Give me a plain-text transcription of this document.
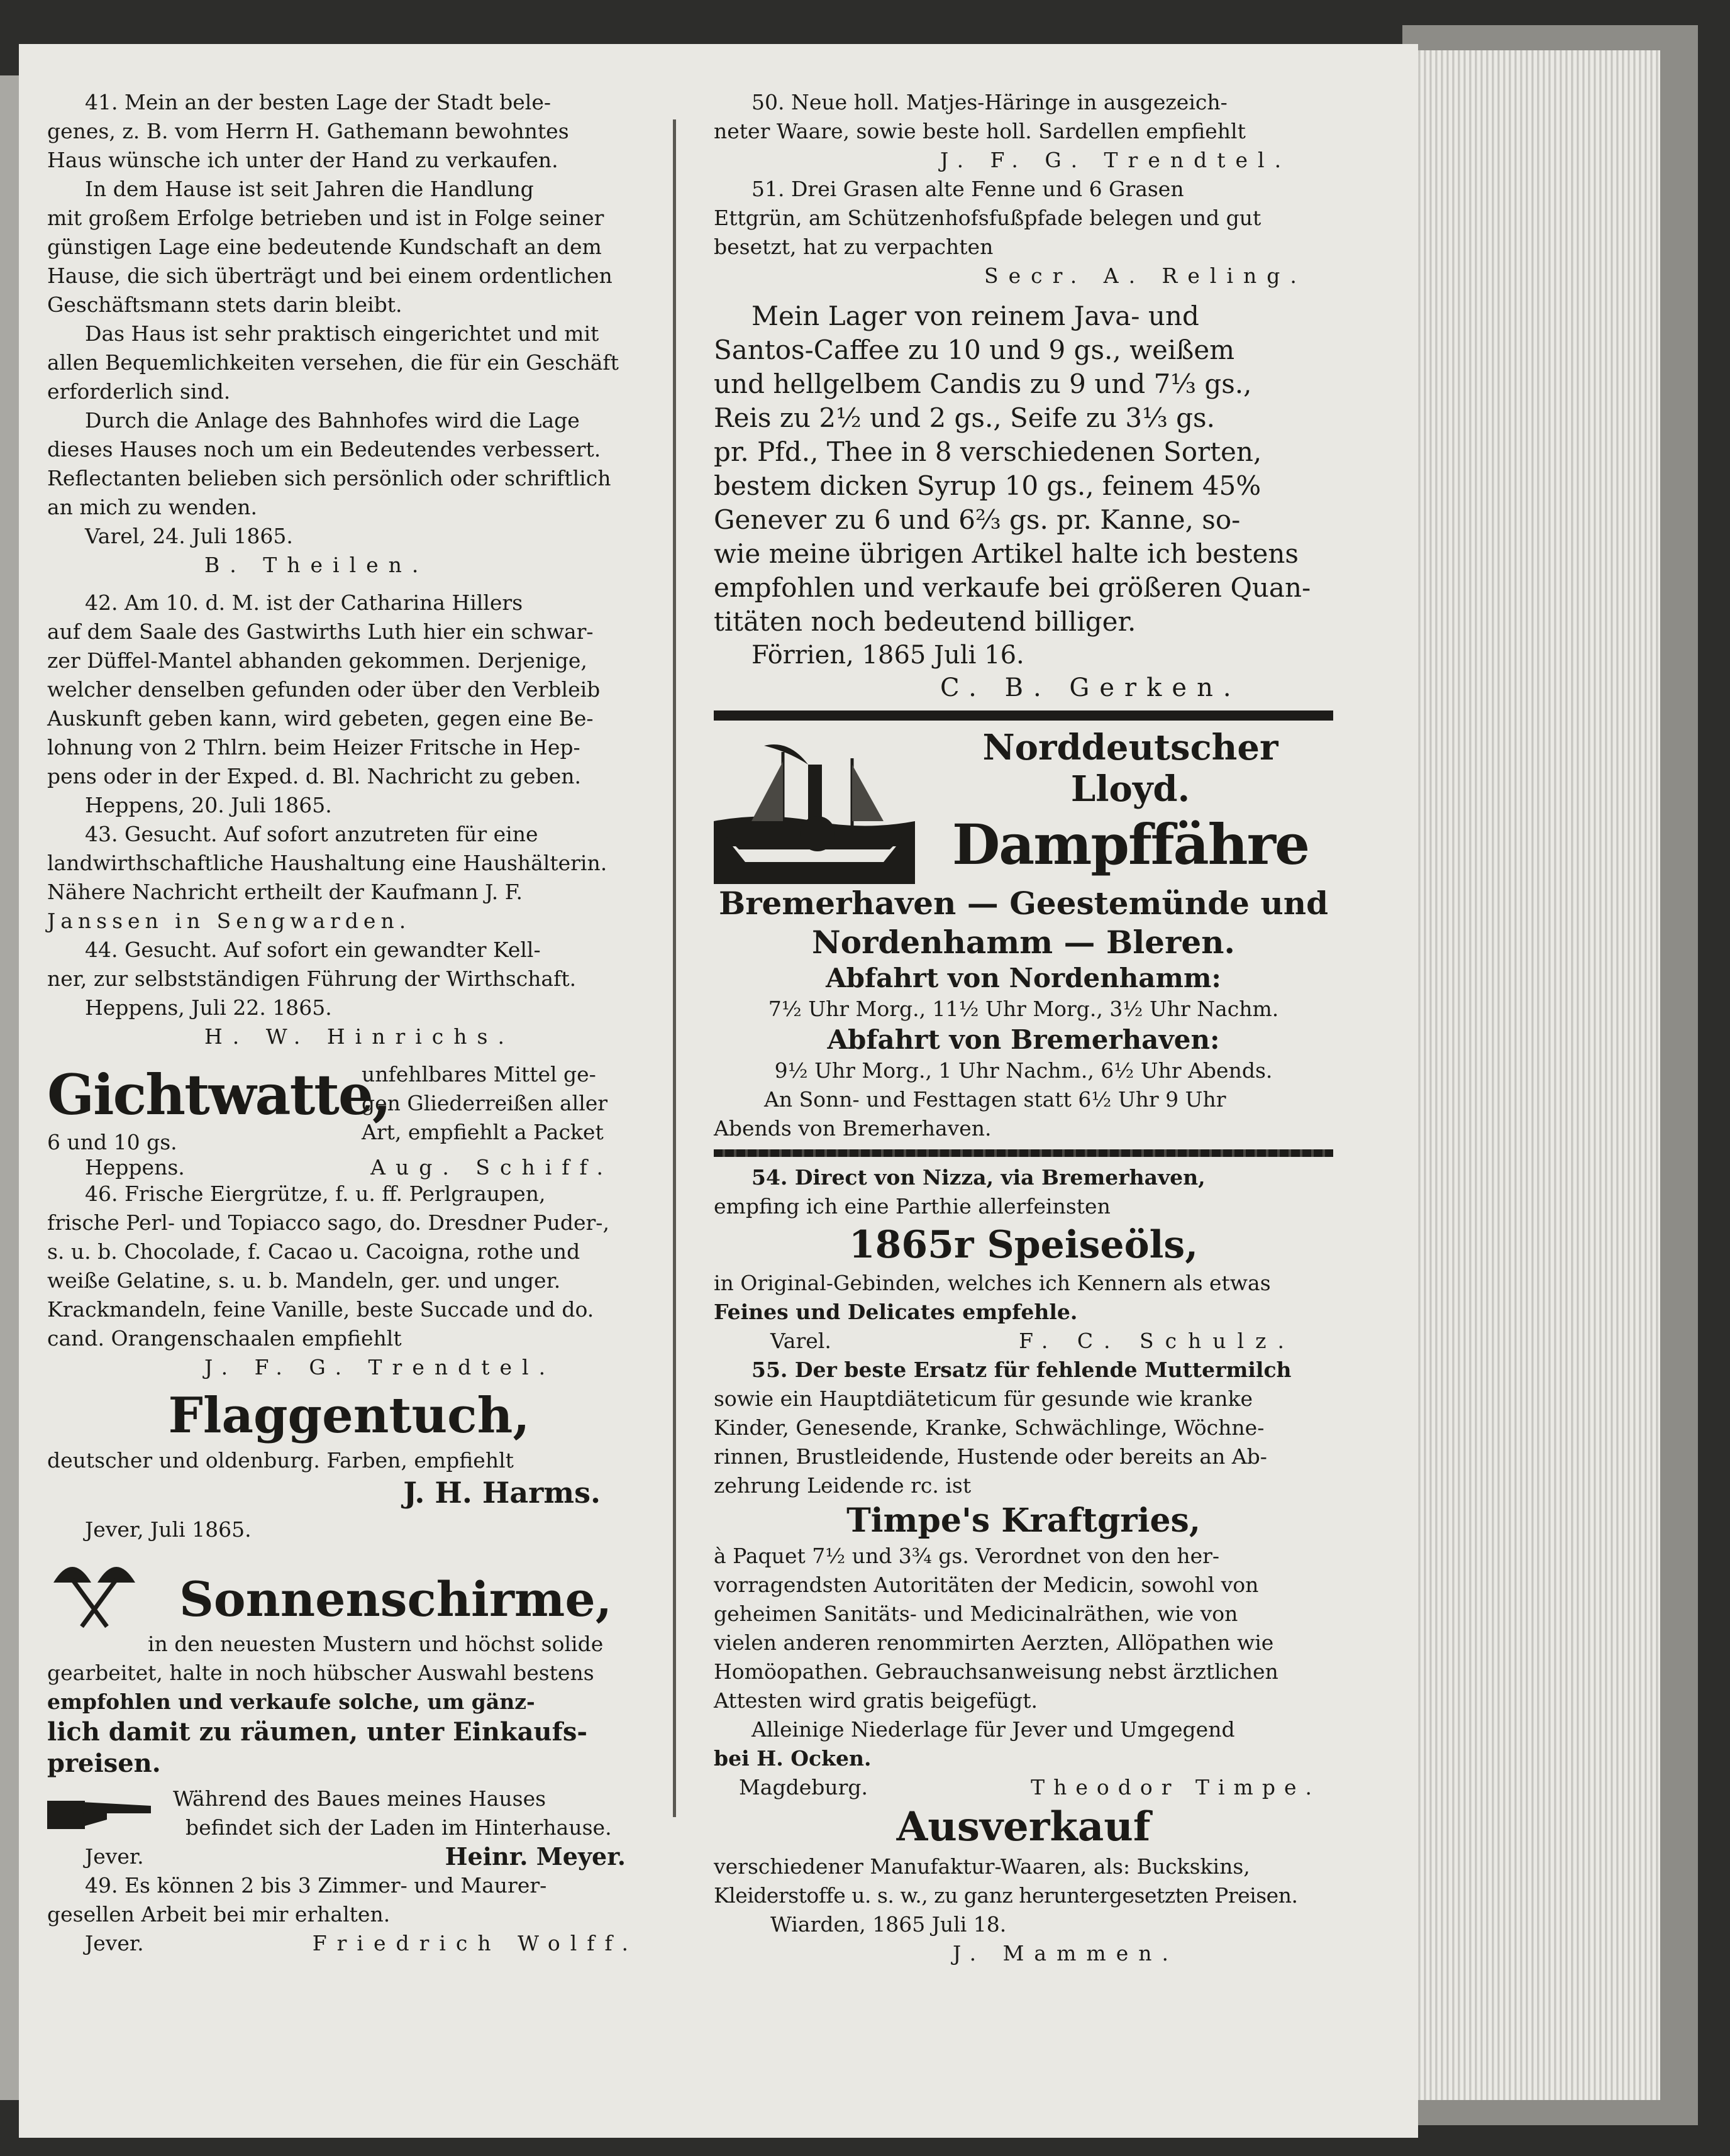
41. Mein an der besten Lage der Stadt bele-

genes, z. B. vom Herrn H. Gathemann bewohntes

Haus wünsche ich unter der Hand zu verkaufen.

In dem Hause ist seit Jahren die Handlung

mit großem Erfolge betrieben und ist in Folge seiner

günstigen Lage eine bedeutende Kundschaft an dem

Hause, die sich überträgt und bei einem ordentlichen

Geschäftsmann stets darin bleibt.

Das Haus ist sehr praktisch eingerichtet und mit

allen Bequemlichkeiten versehen, die für ein Geschäft

erforderlich sind.

Durch die Anlage des Bahnhofes wird die Lage

dieses Hauses noch um ein Bedeutendes verbessert.

Reflectanten belieben sich persönlich oder schriftlich

an mich zu wenden.

Varel, 24. Juli 1865.

B. Theilen.

42. Am 10. d. M. ist der Catharina Hillers

auf dem Saale des Gastwirths Luth hier ein schwar-

zer Düffel-Mantel abhanden gekommen. Derjenige,

welcher denselben gefunden oder über den Verbleib

Auskunft geben kann, wird gebeten, gegen eine Be-

lohnung von 2 Thlrn. beim Heizer Fritsche in Hep-

pens oder in der Exped. d. Bl. Nachricht zu geben.

Heppens, 20. Juli 1865.

43. Gesucht. Auf sofort anzutreten für eine

landwirthschaftliche Haushaltung eine Haushälterin.

Nähere Nachricht ertheilt der Kaufmann J. F.

Janssen in Sengwarden.

44. Gesucht. Auf sofort ein gewandter Kell-

ner, zur selbstständigen Führung der Wirthschaft.

Heppens, Juli 22. 1865.

H. W. Hinrichs.

Gichtwatte,

unfehlbares Mittel ge-

gen Gliederreißen aller

Art, empfiehlt a Packet

6 und 10 gs.

Heppens.	Aug. Schiff.

46. Frische Eiergrütze, f. u. ff. Perlgraupen,

frische Perl- und Topiacco sago, do. Dresdner Puder-,

s. u. b. Chocolade, f. Cacao u. Cacoigna, rothe und

weiße Gelatine, s. u. b. Mandeln, ger. und unger.

Krackmandeln, feine Vanille, beste Succade und do.

cand. Orangenschaalen empfiehlt

J. F. G. Trendtel.

Flaggentuch,

deutscher und oldenburg. Farben, empfiehlt

J. H. Harms.

Jever, Juli 1865.

Sonnenschirme,

in den neuesten Mustern und höchst solide

gearbeitet, halte in noch hübscher Auswahl bestens

empfohlen und verkaufe solche, um gänz-

lich damit zu räumen, unter Einkaufs-

preisen.

Während des Baues meines Hauses

befindet sich der Laden im Hinterhause.

Jever.	Heinr. Meyer.

49. Es können 2 bis 3 Zimmer- und Maurer-

gesellen Arbeit bei mir erhalten.

Jever.	Friedrich Wolff.

50. Neue holl. Matjes-Häringe in ausgezeich-

neter Waare, sowie beste holl. Sardellen empfiehlt

J. F. G. Trendtel.

51. Drei Grasen alte Fenne und 6 Grasen

Ettgrün, am Schützenhofsfußpfade belegen und gut

besetzt, hat zu verpachten

Secr. A. Reling.

Mein Lager von reinem Java- und

Santos-Caffee zu 10 und 9 gs., weißem

und hellgelbem Candis zu 9 und 7⅓ gs.,

Reis zu 2½ und 2 gs., Seife zu 3⅓ gs.

pr. Pfd., Thee in 8 verschiedenen Sorten,

bestem dicken Syrup 10 gs., feinem 45%

Genever zu 6 und 6⅔ gs. pr. Kanne, so-

wie meine übrigen Artikel halte ich bestens

empfohlen und verkaufe bei größeren Quan-

titäten noch bedeutend billiger.

Förrien, 1865 Juli 16.

C. B. Gerken.

Norddeutscher
Lloyd.
Dampffähre
Bremerhaven — Geestemünde und
Nordenhamm — Bleren.
Abfahrt von Nordenhamm:

7½ Uhr Morg., 11½ Uhr Morg., 3½ Uhr Nachm.

Abfahrt von Bremerhaven:

9½ Uhr Morg., 1 Uhr Nachm., 6½ Uhr Abends.

An Sonn- und Festtagen statt 6½ Uhr 9 Uhr

Abends von Bremerhaven.

54. Direct von Nizza, via Bremerhaven,

empfing ich eine Parthie allerfeinsten

1865r Speiseöls,

in Original-Gebinden, welches ich Kennern als etwas

Feines und Delicates empfehle.

Varel.	F. C. Schulz.

55. Der beste Ersatz für fehlende Muttermilch

sowie ein Hauptdiäteticum für gesunde wie kranke

Kinder, Genesende, Kranke, Schwächlinge, Wöchne-

rinnen, Brustleidende, Hustende oder bereits an Ab-

zehrung Leidende rc. ist

Timpe's Kraftgries,

à Paquet 7½ und 3¾ gs. Verordnet von den her-

vorragendsten Autoritäten der Medicin, sowohl von

geheimen Sanitäts- und Medicinalräthen, wie von

vielen anderen renommirten Aerzten, Allöpathen wie

Homöopathen. Gebrauchsanweisung nebst ärztlichen

Attesten wird gratis beigefügt.

Alleinige Niederlage für Jever und Umgegend

bei H. Ocken.

Magdeburg.	Theodor Timpe.
Ausverkauf

verschiedener Manufaktur-Waaren, als: Buckskins,

Kleiderstoffe u. s. w., zu ganz heruntergesetzten Preisen.

Wiarden, 1865 Juli 18.

J. Mammen.
